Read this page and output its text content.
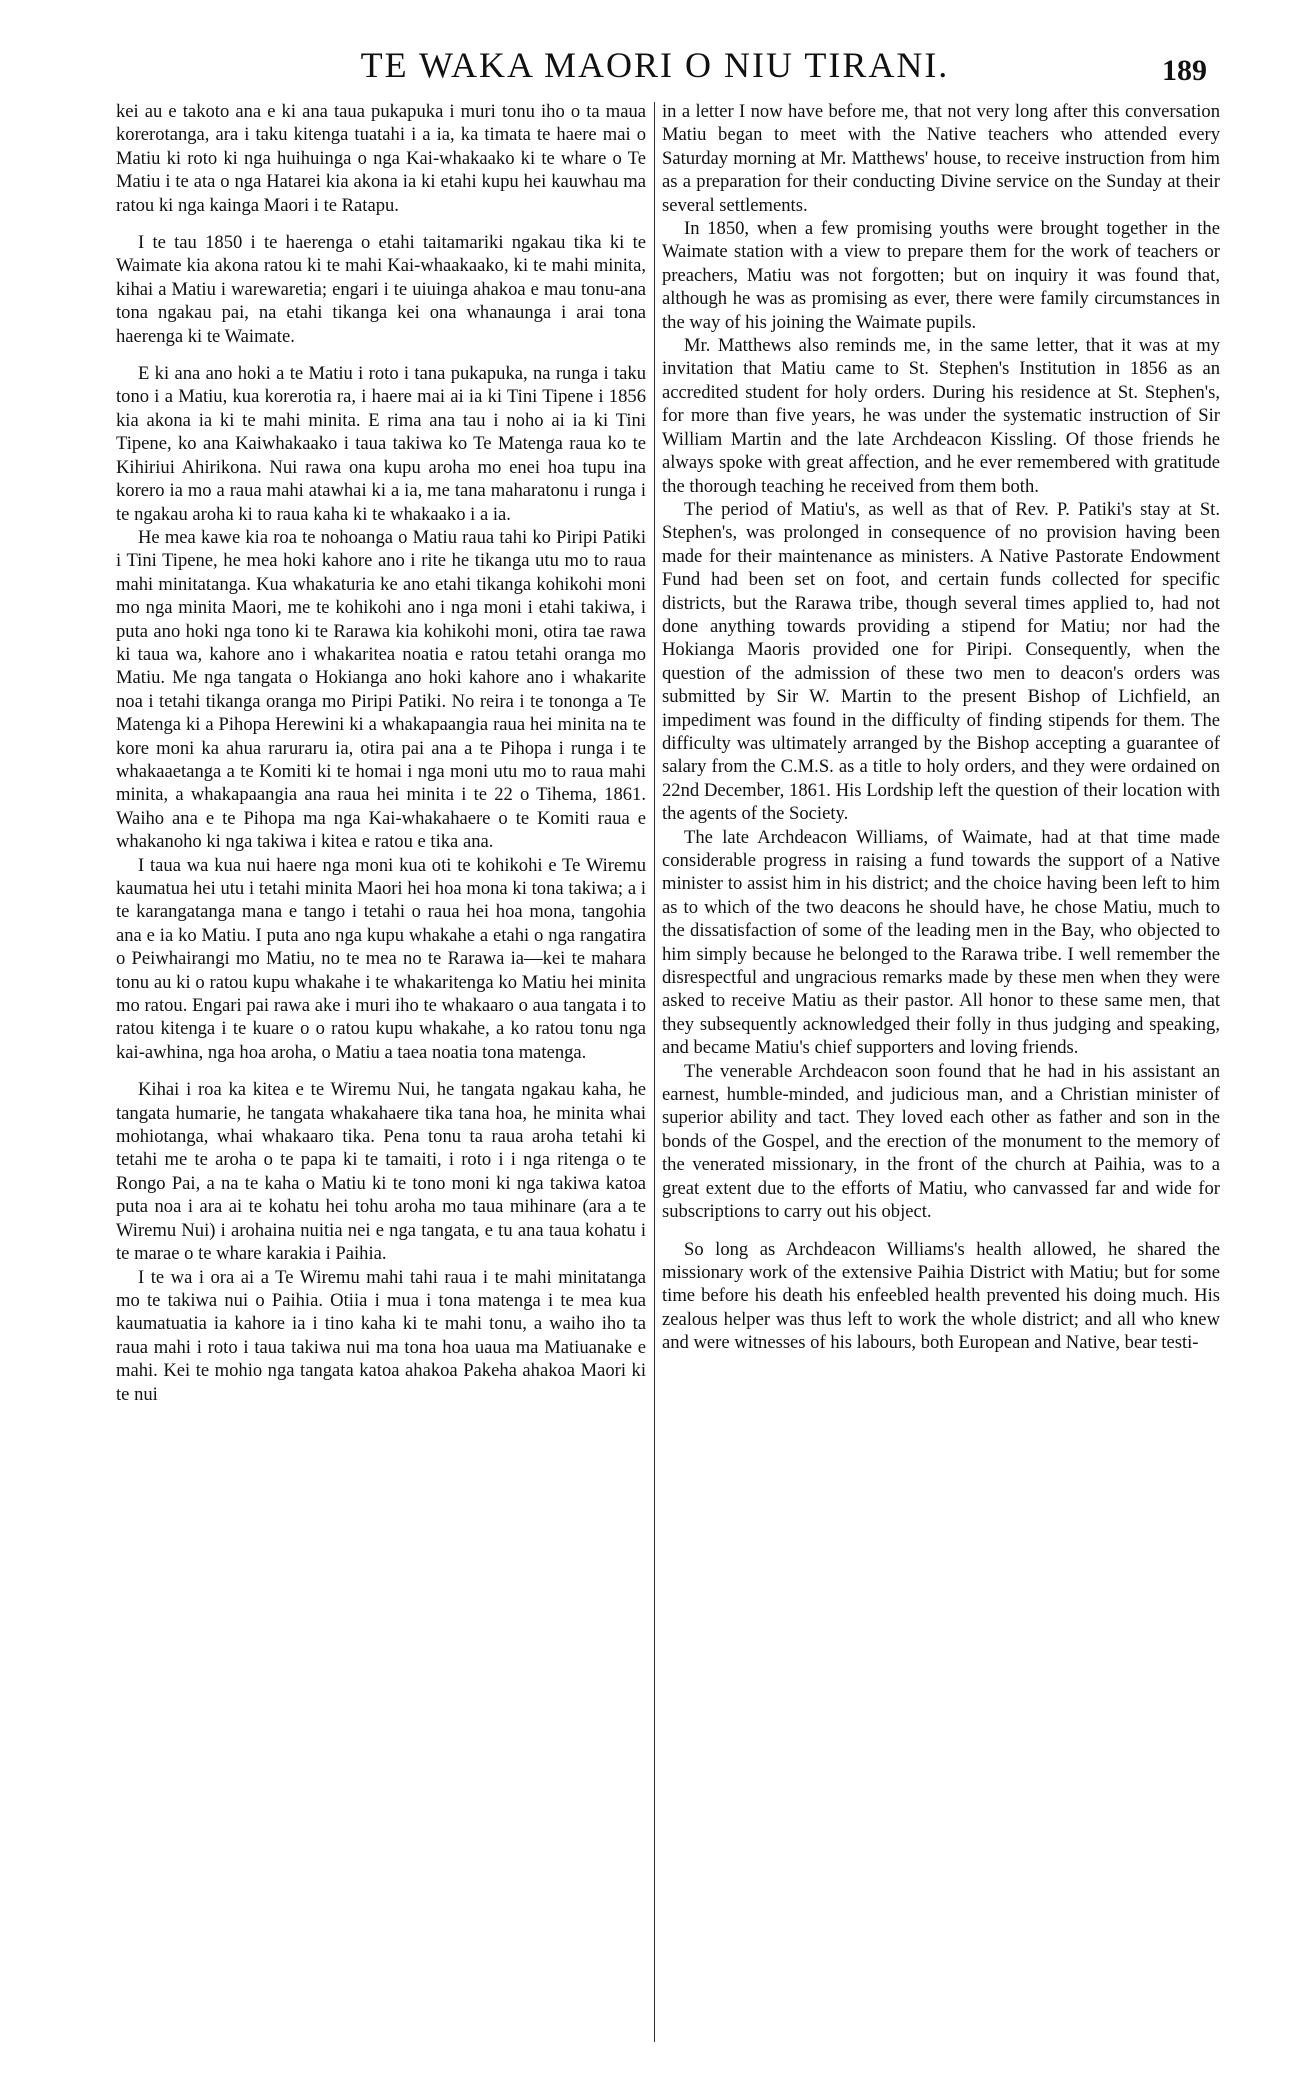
TE WAKA MAORI O NIU TIRANI.	189

kei au e takoto ana e ki ana taua pukapuka i muri tonu iho o ta maua korerotanga, ara i taku kitenga tuatahi i a ia, ka timata te haere mai o Matiu ki roto ki nga huihuinga o nga Kai-whakaako ki te whare o Te Matiu i te ata o nga Hatarei kia akona ia ki etahi kupu hei kauwhau ma ratou ki nga kainga Maori i te Ratapu.

I te tau 1850 i te haerenga o etahi taitamariki ngakau tika ki te Waimate kia akona ratou ki te mahi Kai-whaakaako, ki te mahi minita, kihai a Matiu i warewaretia; engari i te uiuinga ahakoa e mau tonu-ana tona ngakau pai, na etahi tikanga kei ona whanaunga i arai tona haerenga ki te Waimate.

E ki ana ano hoki a te Matiu i roto i tana pukapuka, na runga i taku tono i a Matiu, kua korerotia ra, i haere mai ai ia ki Tini Tipene i 1856 kia akona ia ki te mahi minita. E rima ana tau i noho ai ia ki Tini Tipene, ko ana Kaiwhakaako i taua takiwa ko Te Matenga raua ko te Kihiriui Ahirikona. Nui rawa ona kupu aroha mo enei hoa tupu ina korero ia mo a raua mahi atawhai ki a ia, me tana maharatonu i runga i te ngakau aroha ki to raua kaha ki te whakaako i a ia.

He mea kawe kia roa te nohoanga o Matiu raua tahi ko Piripi Patiki i Tini Tipene, he mea hoki kahore ano i rite he tikanga utu mo to raua mahi minitatanga. Kua whakaturia ke ano etahi tikanga kohikohi moni mo nga minita Maori, me te kohikohi ano i nga moni i etahi takiwa, i puta ano hoki nga tono ki te Rarawa kia kohikohi moni, otira tae rawa ki taua wa, kahore ano i whakaritea noatia e ratou tetahi oranga mo Matiu. Me nga tangata o Hokianga ano hoki kahore ano i whakarite noa i tetahi tikanga oranga mo Piripi Patiki. No reira i te tononga a Te Matenga ki a Pihopa Herewini ki a whakapaangia raua hei minita na te kore moni ka ahua raruraru ia, otira pai ana a te Pihopa i runga i te whakaaetanga a te Komiti ki te homai i nga moni utu mo to raua mahi minita, a whakapaangia ana raua hei minita i te 22 o Tihema, 1861. Waiho ana e te Pihopa ma nga Kai-whakahaere o te Komiti raua e whakanoho ki nga takiwa i kitea e ratou e tika ana.

I taua wa kua nui haere nga moni kua oti te kohikohi e Te Wiremu kaumatua hei utu i tetahi minita Maori hei hoa mona ki tona takiwa; a i te karangatanga mana e tango i tetahi o raua hei hoa mona, tangohia ana e ia ko Matiu. I puta ano nga kupu whakahe a etahi o nga rangatira o Peiwhairangi mo Matiu, no te mea no te Rarawa ia—kei te mahara tonu au ki o ratou kupu whakahe i te whakaritenga ko Matiu hei minita mo ratou. Engari pai rawa ake i muri iho te whakaaro o aua tangata i to ratou kitenga i te kuare o o ratou kupu whakahe, a ko ratou tonu nga kai-awhina, nga hoa aroha, o Matiu a taea noatia tona matenga.

Kihai i roa ka kitea e te Wiremu Nui, he tangata ngakau kaha, he tangata humarie, he tangata whakahaere tika tana hoa, he minita whai mohiotanga, whai whakaaro tika. Pena tonu ta raua aroha tetahi ki tetahi me te aroha o te papa ki te tamaiti, i roto i i nga ritenga o te Rongo Pai, a na te kaha o Matiu ki te tono moni ki nga takiwa katoa puta noa i ara ai te kohatu hei tohu aroha mo taua mihinare (ara a te Wiremu Nui) i arohaina nuitia nei e nga tangata, e tu ana taua kohatu i te marae o te whare karakia i Paihia.

I te wa i ora ai a Te Wiremu mahi tahi raua i te mahi minitatanga mo te takiwa nui o Paihia. Otiia i mua i tona matenga i te mea kua kaumatuatia ia kahore ia i tino kaha ki te mahi tonu, a waiho iho ta raua mahi i roto i taua takiwa nui ma tona hoa uaua ma Matiuanake e mahi. Kei te mohio nga tangata katoa ahakoa Pakeha ahakoa Maori ki te nui

in a letter I now have before me, that not very long after this conversation Matiu began to meet with the Native teachers who attended every Saturday morning at Mr. Matthews' house, to receive instruction from him as a preparation for their conducting Divine service on the Sunday at their several settlements.

In 1850, when a few promising youths were brought together in the Waimate station with a view to prepare them for the work of teachers or preachers, Matiu was not forgotten; but on inquiry it was found that, although he was as promising as ever, there were family circumstances in the way of his joining the Waimate pupils.

Mr. Matthews also reminds me, in the same letter, that it was at my invitation that Matiu came to St. Stephen's Institution in 1856 as an accredited student for holy orders. During his residence at St. Stephen's, for more than five years, he was under the systematic instruction of Sir William Martin and the late Archdeacon Kissling. Of those friends he always spoke with great affection, and he ever remembered with gratitude the thorough teaching he received from them both.

The period of Matiu's, as well as that of Rev. P. Patiki's stay at St. Stephen's, was prolonged in consequence of no provision having been made for their maintenance as ministers. A Native Pastorate Endowment Fund had been set on foot, and certain funds collected for specific districts, but the Rarawa tribe, though several times applied to, had not done anything towards providing a stipend for Matiu; nor had the Hokianga Maoris provided one for Piripi. Consequently, when the question of the admission of these two men to deacon's orders was submitted by Sir W. Martin to the present Bishop of Lichfield, an impediment was found in the difficulty of finding stipends for them. The difficulty was ultimately arranged by the Bishop accepting a guarantee of salary from the C.M.S. as a title to holy orders, and they were ordained on 22nd December, 1861. His Lordship left the question of their location with the agents of the Society.

The late Archdeacon Williams, of Waimate, had at that time made considerable progress in raising a fund towards the support of a Native minister to assist him in his district; and the choice having been left to him as to which of the two deacons he should have, he chose Matiu, much to the dissatisfaction of some of the leading men in the Bay, who objected to him simply because he belonged to the Rarawa tribe. I well remember the disrespectful and ungracious remarks made by these men when they were asked to receive Matiu as their pastor. All honor to these same men, that they subsequently acknowledged their folly in thus judging and speaking, and became Matiu's chief supporters and loving friends.

The venerable Archdeacon soon found that he had in his assistant an earnest, humble-minded, and judicious man, and a Christian minister of superior ability and tact. They loved each other as father and son in the bonds of the Gospel, and the erection of the monument to the memory of the venerated missionary, in the front of the church at Paihia, was to a great extent due to the efforts of Matiu, who canvassed far and wide for subscriptions to carry out his object.

So long as Archdeacon Williams's health allowed, he shared the missionary work of the extensive Paihia District with Matiu; but for some time before his death his enfeebled health prevented his doing much. His zealous helper was thus left to work the whole district; and all who knew and were witnesses of his labours, both European and Native, bear testi-
